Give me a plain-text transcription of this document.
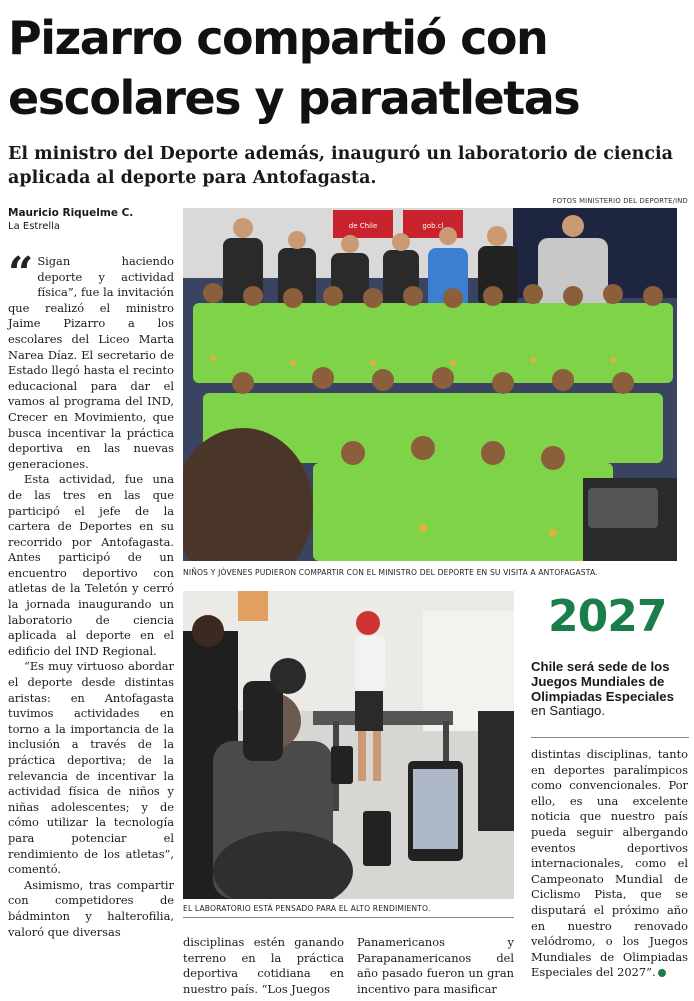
Pizarro compartió con
escolares y paraatletas
El ministro del Deporte además, inauguró un laboratorio de ciencia aplicada al deporte para Antofagasta.
Mauricio Riquelme C.
La Estrella
FOTOS MINISTERIO DEL DEPORTE/IND
“ Sigan haciendo deporte y actividad física”, fue la invitación que realizó el ministro Jaime Pizarro a los escolares del Liceo Marta Narea Díaz. El secretario de Estado llegó hasta el recinto educacional para dar el vamos al programa del IND, Crecer en Movimiento, que busca incentivar la práctica deportiva en las nuevas generaciones.

Esta actividad, fue una de las tres en las que participó el jefe de la cartera de Deportes en su recorrido por Antofagasta. Antes participó de un encuentro deportivo con atletas de la Teletón y cerró la jornada inaugurando un laboratorio de ciencia aplicada al deporte en el edificio del IND Regional.

“Es muy virtuoso abordar el deporte desde distintas aristas: en Antofagasta tuvimos actividades en torno a la importancia de la inclusión a través de la práctica deportiva; de la relevancia de incentivar la actividad física de niños y niñas adolescentes; y de cómo utilizar la tecnología para potenciar el rendimiento de los atletas”, comentó.

Asimismo, tras compartir con competidores de bádminton y halterofilia, valoró que diversas

de Chile	gob.cl
NIÑOS Y JÓVENES PUDIERON COMPARTIR CON EL MINISTRO DEL DEPORTE EN SU VISITA A ANTOFAGASTA.
EL LABORATORIO ESTÁ PENSADO PARA EL ALTO RENDIMIENTO.
2027
Chile será sede de los Juegos Mundiales de Olimpiadas Especiales en Santiago.

disciplinas estén ganando terreno en la práctica deportiva cotidiana en nuestro país. “Los Juegos

Panamericanos y Parapanamericanos del año pasado fueron un gran incentivo para masificar

distintas disciplinas, tanto en deportes paralímpicos como convencionales. Por ello, es una excelente noticia que nuestro país pueda seguir albergando eventos deportivos internacionales, como el Campeonato Mundial de Ciclismo Pista, que se disputará el próximo año en nuestro renovado velódromo, o los Juegos Mundiales de Olimpiadas Especiales del 2027”.
